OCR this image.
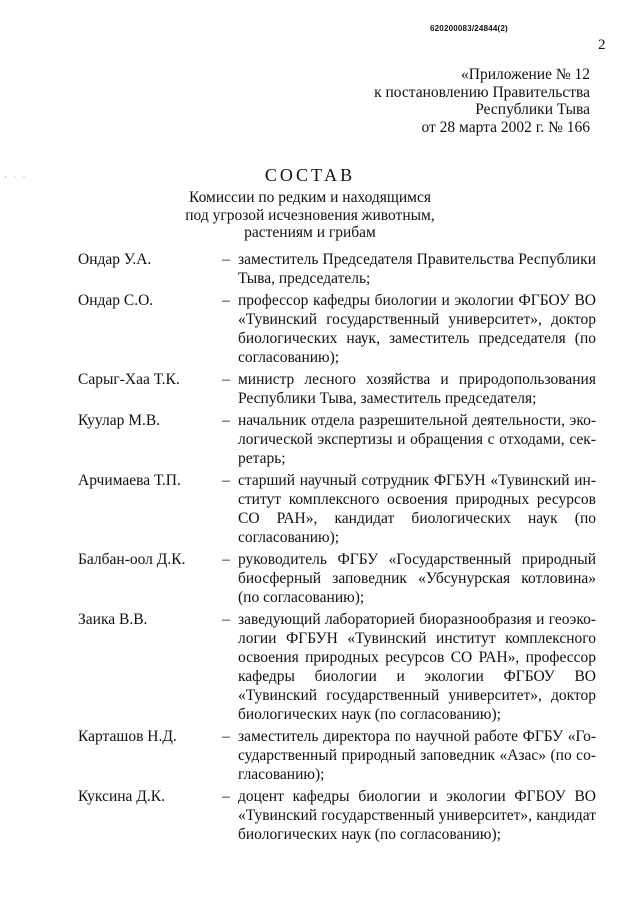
620200083/24844(2)
2
· · ·
«Приложение № 12
к постановлению Правительства
Республики Тыва
от 28 марта 2002 г. № 166
СОСТАВ
Комиссии по редким и находящимся
под угрозой исчезновения животным,
растениям и грибам
Ондар У.А.	– заместитель Председателя Правительства Республики Тыва, председатель;
Ондар С.О.	– профессор кафедры биологии и экологии ФГБОУ ВО «Тувинский государственный университет», доктор биологических наук, заместитель председателя (по согласованию);
Сарыг-Хаа Т.К.	– министр лесного хозяйства и природопользования Республики Тыва, заместитель председателя;
Куулар М.В.	– начальник отдела разрешительной деятельности, экологической экспертизы и обращения с отходами, секретарь;
Арчимаева Т.П.	– старший научный сотрудник ФГБУН «Тувинский институт комплексного освоения природных ресурсов СО РАН», кандидат биологических наук (по согласованию);
Балбан-оол Д.К.	– руководитель ФГБУ «Государственный природный биосферный заповедник «Убсунурская котловина» (по согласованию);
Заика В.В.	– заведующий лабораторией биоразнообразия и геоэкологии ФГБУН «Тувинский институт комплексного освоения природных ресурсов СО РАН», профессор кафедры биологии и экологии ФГБОУ ВО «Тувинский государственный университет», доктор биологических наук (по согласованию);
Карташов Н.Д.	– заместитель директора по научной работе ФГБУ «Государственный природный заповедник «Азас» (по согласованию);
Куксина Д.К.	– доцент кафедры биологии и экологии ФГБОУ ВО «Тувинский государственный университет», кандидат биологических наук (по согласованию);
